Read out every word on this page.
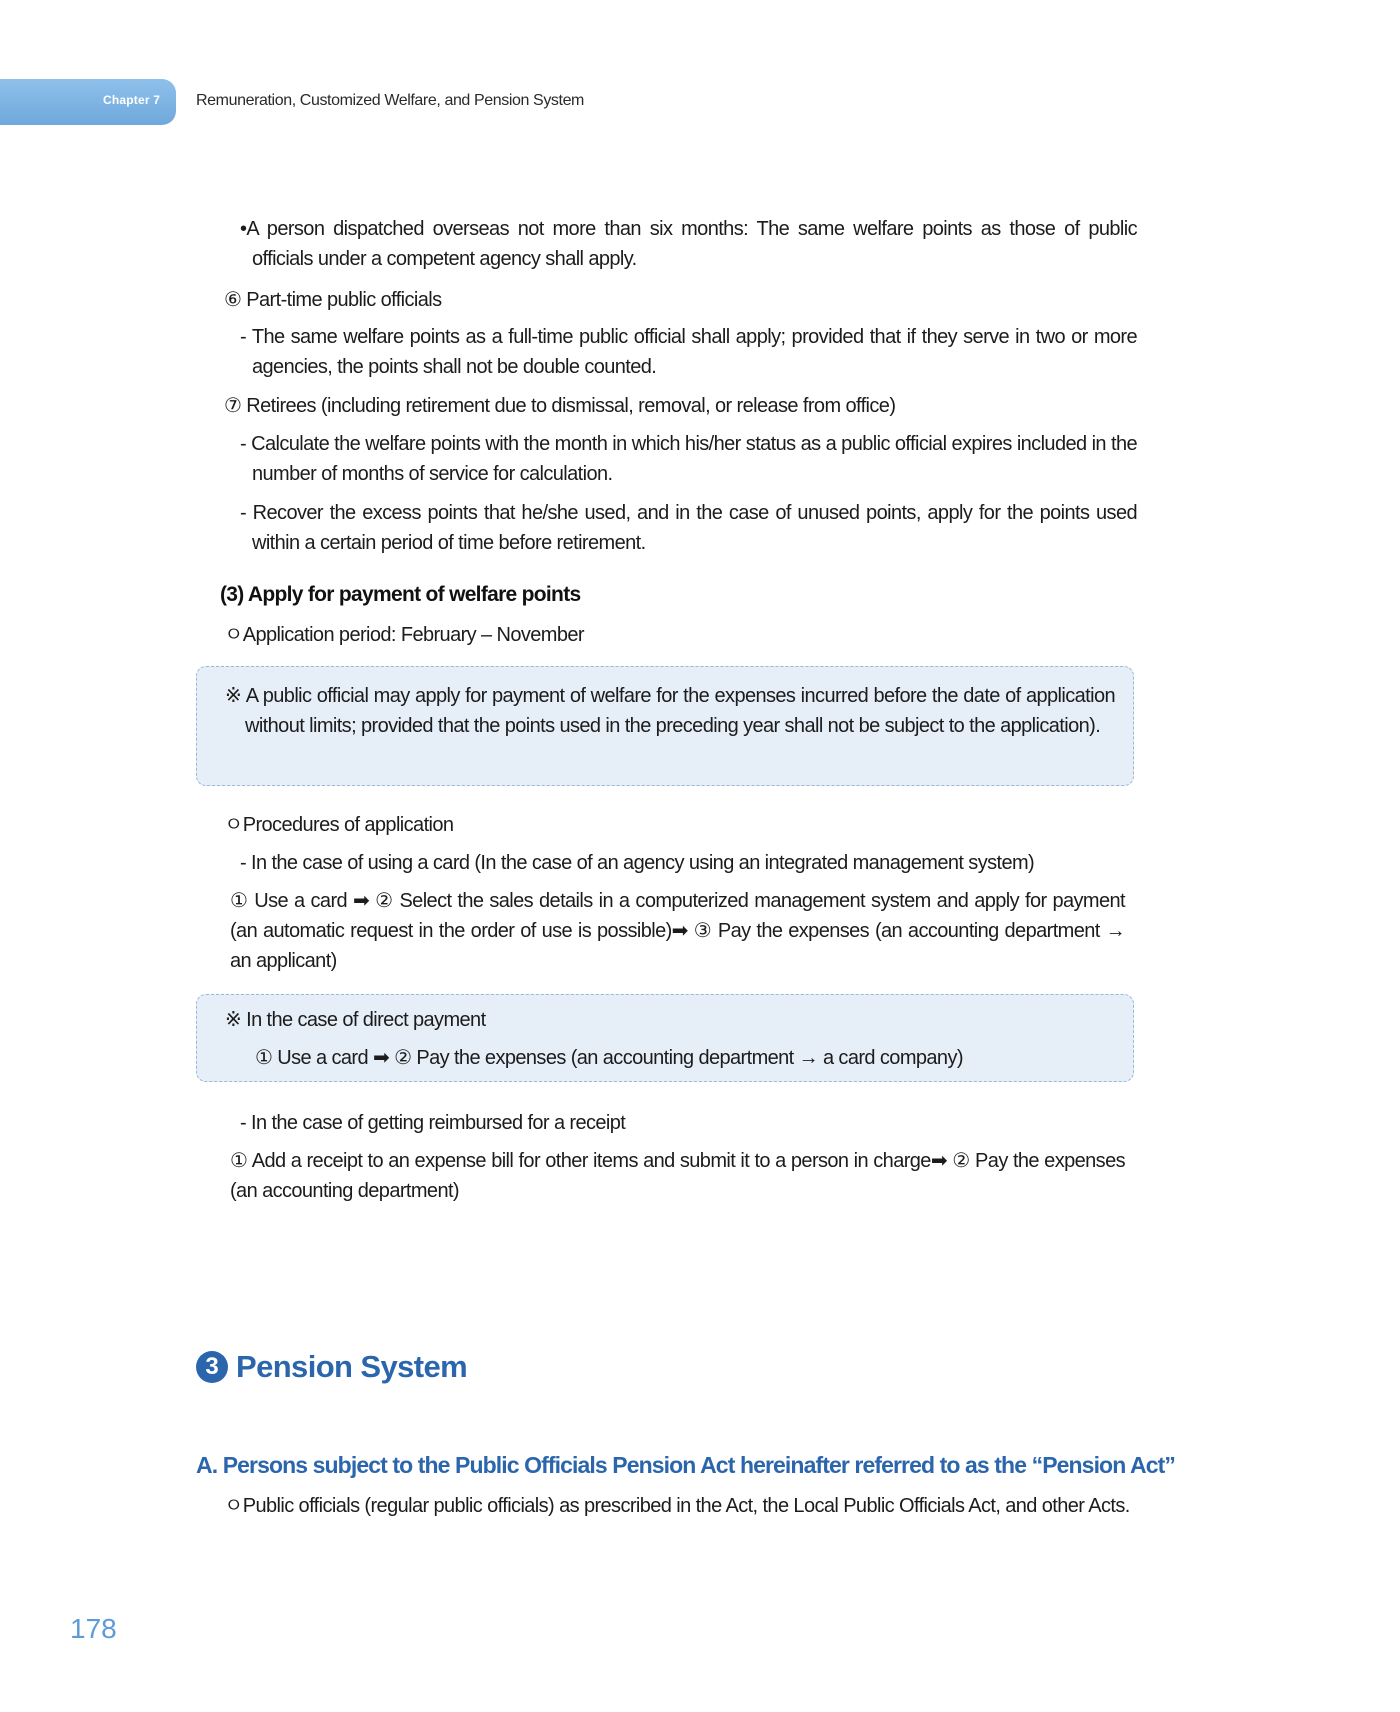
Chapter 7 Remuneration, Customized Welfare, and Pension System

•A person dispatched overseas not more than six months: The same welfare points as those of public officials under a competent agency shall apply.

⑥ Part-time public officials

- The same welfare points as a full-time public official shall apply; provided that if they serve in two or more agencies, the points shall not be double counted.

⑦ Retirees (including retirement due to dismissal, removal, or release from office)

- Calculate the welfare points with the month in which his/her status as a public official expires included in the number of months of service for calculation.

- Recover the excess points that he/she used, and in the case of unused points, apply for the points used within a certain period of time before retirement.

(3) Apply for payment of welfare points

ㅇApplication period: February – November

※ A public official may apply for payment of welfare for the expenses incurred before the date of application without limits; provided that the points used in the preceding year shall not be subject to the application).

ㅇProcedures of application

- In the case of using a card (In the case of an agency using an integrated management system)

① Use a card ➡ ② Select the sales details in a computerized management system and apply for payment (an automatic request in the order of use is possible)➡ ③ Pay the expenses (an accounting department → an applicant)

※ In the case of direct payment

① Use a card ➡ ② Pay the expenses (an accounting department → a card company)

- In the case of getting reimbursed for a receipt

① Add a receipt to an expense bill for other items and submit it to a person in charge➡ ② Pay the expenses (an accounting department)

3 Pension System
A. Persons subject to the Public Officials Pension Act hereinafter referred to as the “Pension Act”

ㅇPublic officials (regular public officials) as prescribed in the Act, the Local Public Officials Act, and other Acts.

178
